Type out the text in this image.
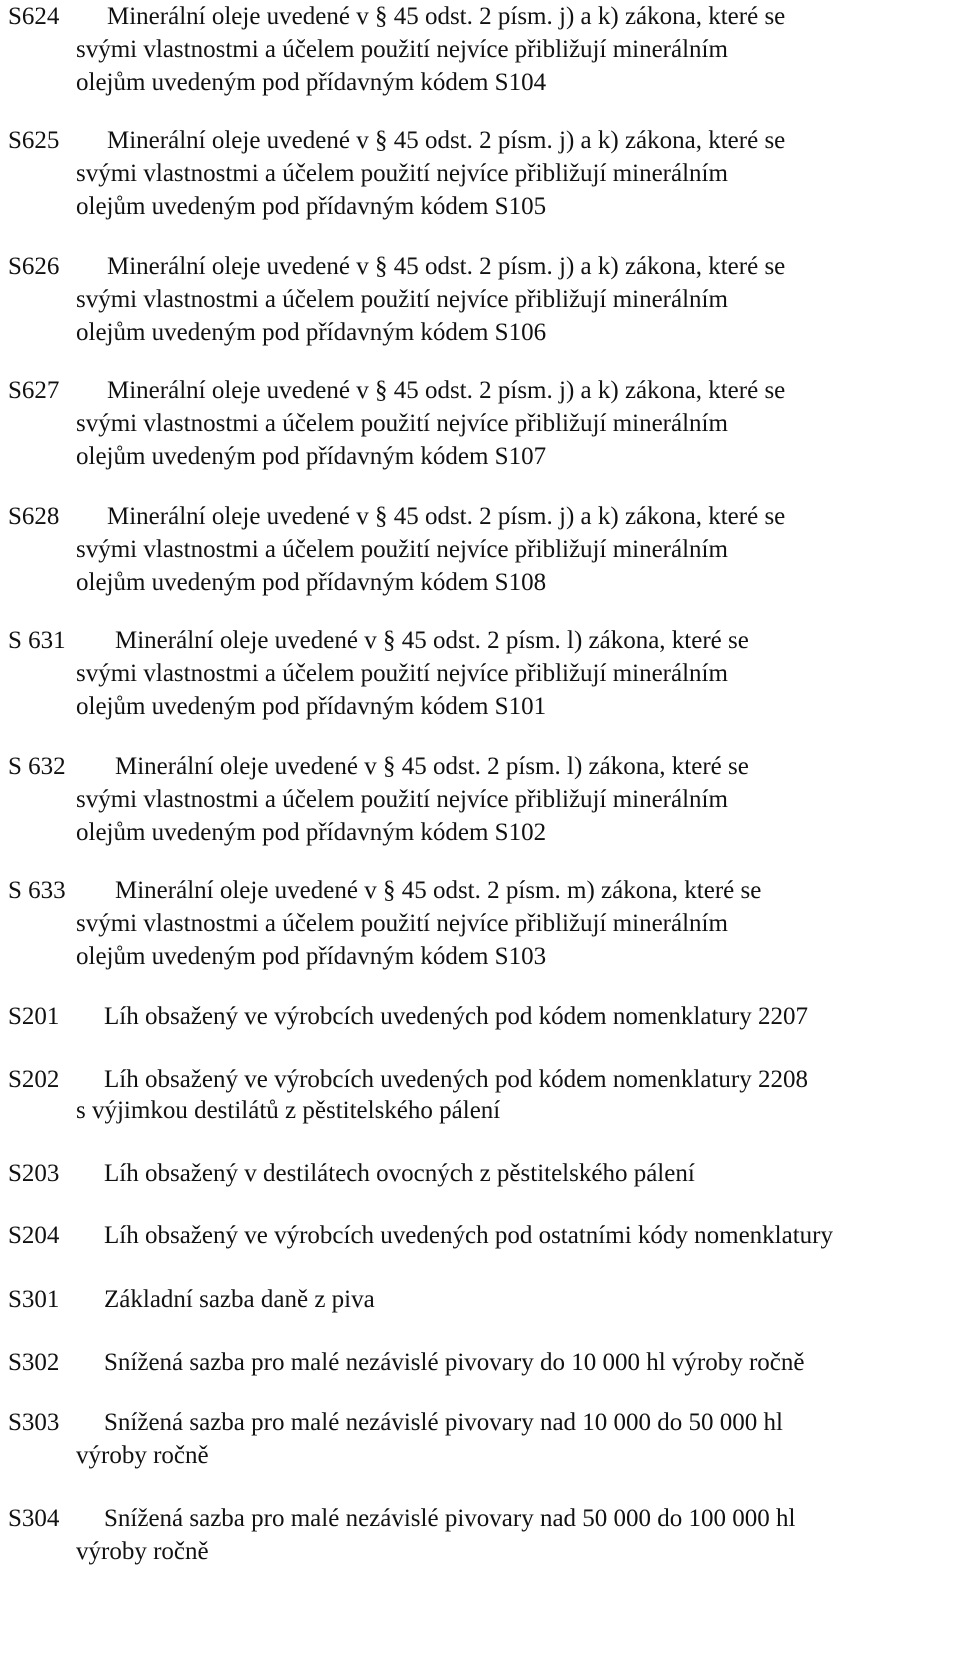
S624 Minerální oleje uvedené v § 45 odst. 2 písm. j) a k) zákona, které se
svými vlastnostmi a účelem použití nejvíce přibližují minerálním
olejům uvedeným pod přídavným kódem S104
S625 Minerální oleje uvedené v § 45 odst. 2 písm. j) a k) zákona, které se
svými vlastnostmi a účelem použití nejvíce přibližují minerálním
olejům uvedeným pod přídavným kódem S105
S626 Minerální oleje uvedené v § 45 odst. 2 písm. j) a k) zákona, které se
svými vlastnostmi a účelem použití nejvíce přibližují minerálním
olejům uvedeným pod přídavným kódem S106
S627 Minerální oleje uvedené v § 45 odst. 2 písm. j) a k) zákona, které se
svými vlastnostmi a účelem použití nejvíce přibližují minerálním
olejům uvedeným pod přídavným kódem S107
S628 Minerální oleje uvedené v § 45 odst. 2 písm. j) a k) zákona, které se
svými vlastnostmi a účelem použití nejvíce přibližují minerálním
olejům uvedeným pod přídavným kódem S108
S 631 Minerální oleje uvedené v § 45 odst. 2 písm. l) zákona, které se
svými vlastnostmi a účelem použití nejvíce přibližují minerálním
olejům uvedeným pod přídavným kódem S101
S 632 Minerální oleje uvedené v § 45 odst. 2 písm. l) zákona, které se
svými vlastnostmi a účelem použití nejvíce přibližují minerálním
olejům uvedeným pod přídavným kódem S102
S 633 Minerální oleje uvedené v § 45 odst. 2 písm. m) zákona, které se
svými vlastnostmi a účelem použití nejvíce přibližují minerálním
olejům uvedeným pod přídavným kódem S103
S201 Líh obsažený ve výrobcích uvedených pod kódem nomenklatury 2207
S202 Líh obsažený ve výrobcích uvedených pod kódem nomenklatury 2208
s výjimkou destilátů z pěstitelského pálení
S203 Líh obsažený v destilátech ovocných z pěstitelského pálení
S204 Líh obsažený ve výrobcích uvedených pod ostatními kódy nomenklatury
S301 Základní sazba daně z piva
S302 Snížená sazba pro malé nezávislé pivovary do 10 000 hl výroby ročně
S303 Snížená sazba pro malé nezávislé pivovary nad 10 000 do 50 000 hl
výroby ročně
S304 Snížená sazba pro malé nezávislé pivovary nad 50 000 do 100 000 hl
výroby ročně
